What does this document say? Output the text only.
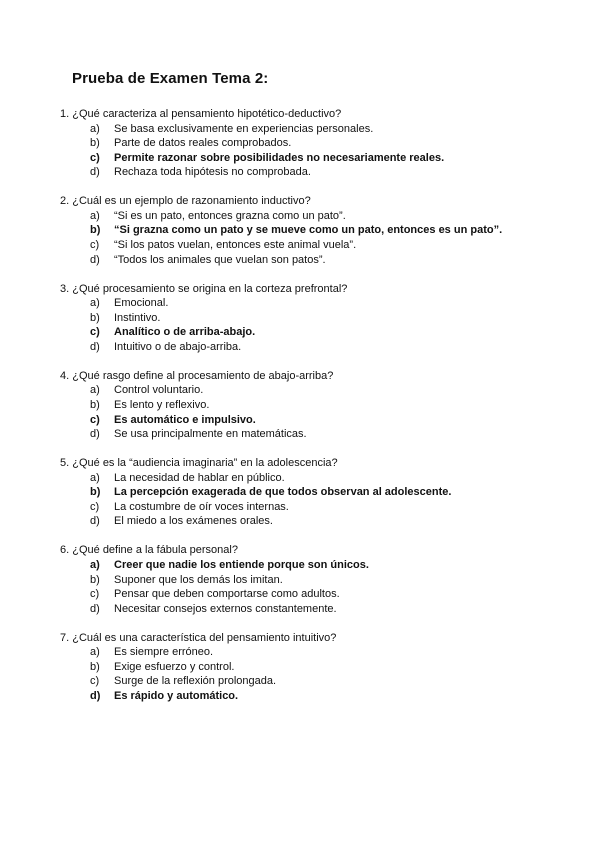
Prueba de Examen Tema 2:
1. ¿Qué caracteriza al pensamiento hipotético-deductivo?
a)	Se basa exclusivamente en experiencias personales.
b)	Parte de datos reales comprobados.
c)	Permite razonar sobre posibilidades no necesariamente reales.
d)	Rechaza toda hipótesis no comprobada.
2. ¿Cuál es un ejemplo de razonamiento inductivo?
a)	“Si es un pato, entonces grazna como un pato”.
b)	“Si grazna como un pato y se mueve como un pato, entonces es un pato”.
c)	“Si los patos vuelan, entonces este animal vuela”.
d)	“Todos los animales que vuelan son patos”.
3. ¿Qué procesamiento se origina en la corteza prefrontal?
a)	Emocional.
b)	Instintivo.
c)	Analítico o de arriba-abajo.
d)	Intuitivo o de abajo-arriba.
4. ¿Qué rasgo define al procesamiento de abajo-arriba?
a)	Control voluntario.
b)	Es lento y reflexivo.
c)	Es automático e impulsivo.
d)	Se usa principalmente en matemáticas.
5. ¿Qué es la “audiencia imaginaria” en la adolescencia?
a)	La necesidad de hablar en público.
b)	La percepción exagerada de que todos observan al adolescente.
c)	La costumbre de oír voces internas.
d)	El miedo a los exámenes orales.
6. ¿Qué define a la fábula personal?
a)	Creer que nadie los entiende porque son únicos.
b)	Suponer que los demás los imitan.
c)	Pensar que deben comportarse como adultos.
d)	Necesitar consejos externos constantemente.
7. ¿Cuál es una característica del pensamiento intuitivo?
a)	Es siempre erróneo.
b)	Exige esfuerzo y control.
c)	Surge de la reflexión prolongada.
d)	Es rápido y automático.
